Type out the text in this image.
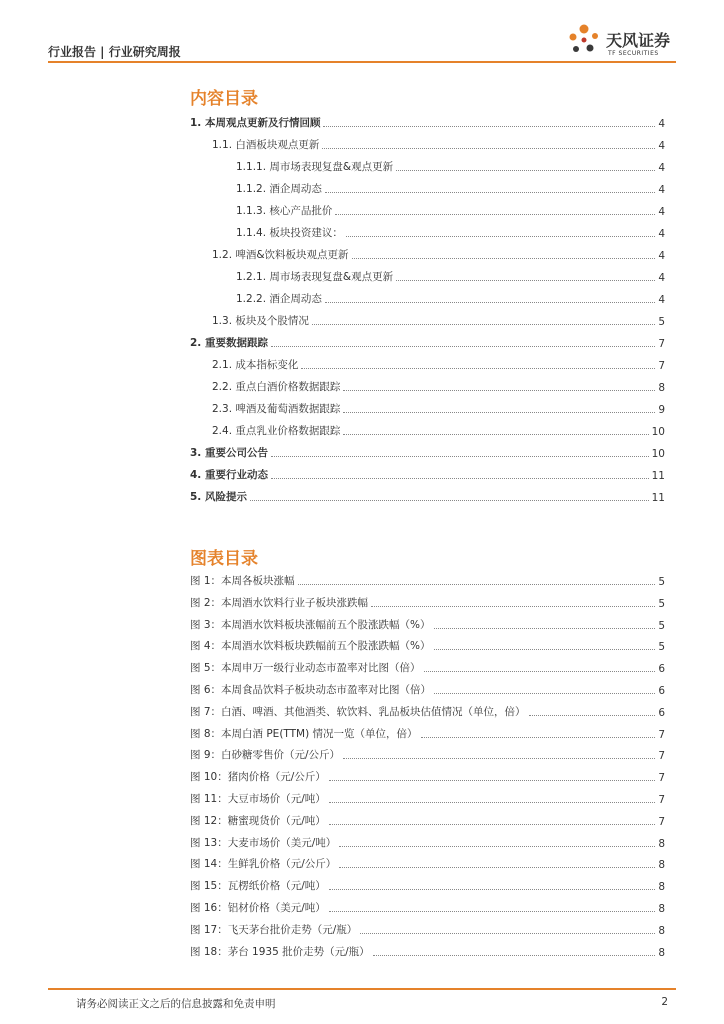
行业报告 | 行业研究周报
天风证券
TF SECURITIES
内容目录
1. 本周观点更新及行情回顾	4
1.1. 白酒板块观点更新	4
1.1.1. 周市场表现复盘&观点更新	4
1.1.2. 酒企周动态	4
1.1.3. 核心产品批价	4
1.1.4. 板块投资建议：	4
1.2. 啤酒&饮料板块观点更新	4
1.2.1. 周市场表现复盘&观点更新	4
1.2.2. 酒企周动态	4
1.3. 板块及个股情况	5
2. 重要数据跟踪	7
2.1. 成本指标变化	7
2.2. 重点白酒价格数据跟踪	8
2.3. 啤酒及葡萄酒数据跟踪	9
2.4. 重点乳业价格数据跟踪	10
3. 重要公司公告	10
4. 重要行业动态	11
5. 风险提示	11
图表目录
图 1：本周各板块涨幅	5
图 2：本周酒水饮料行业子板块涨跌幅	5
图 3：本周酒水饮料板块涨幅前五个股涨跌幅（%）	5
图 4：本周酒水饮料板块跌幅前五个股涨跌幅（%）	5
图 5：本周申万一级行业动态市盈率对比图（倍）	6
图 6：本周食品饮料子板块动态市盈率对比图（倍）	6
图 7：白酒、啤酒、其他酒类、软饮料、乳品板块估值情况（单位，倍）	6
图 8：本周白酒 PE(TTM) 情况一览（单位，倍）	7
图 9：白砂糖零售价（元/公斤）	7
图 10：猪肉价格（元/公斤）	7
图 11：大豆市场价（元/吨）	7
图 12：糖蜜现货价（元/吨）	7
图 13：大麦市场价（美元/吨）	8
图 14：生鲜乳价格（元/公斤）	8
图 15：瓦楞纸价格（元/吨）	8
图 16：铝材价格（美元/吨）	8
图 17：飞天茅台批价走势（元/瓶）	8
图 18：茅台 1935 批价走势（元/瓶）	8
请务必阅读正文之后的信息披露和免责申明	2
